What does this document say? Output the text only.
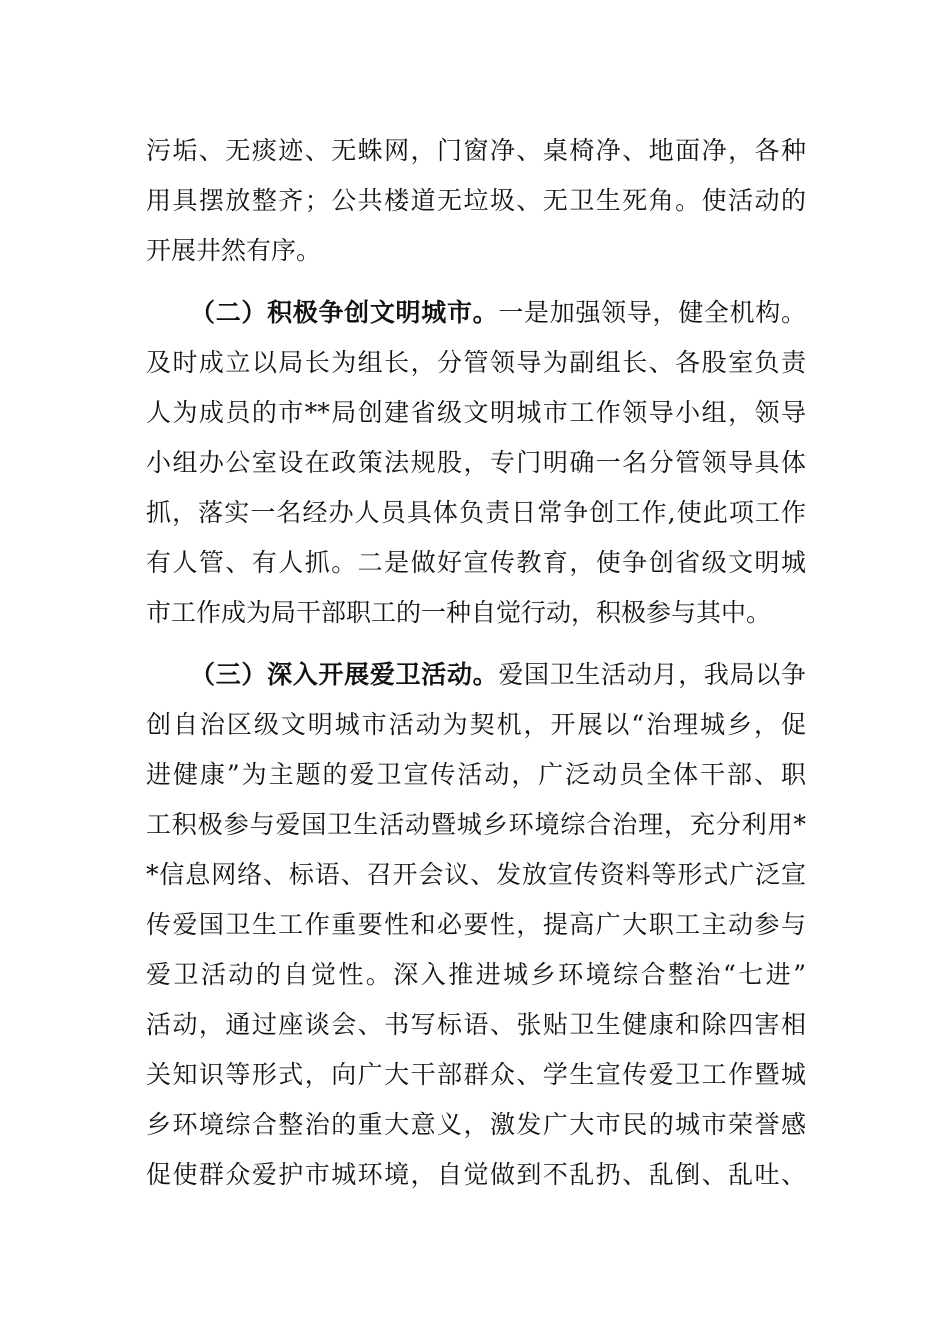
污垢、无痰迹、无蛛网，门窗净、桌椅净、地面净，各种
用具摆放整齐；公共楼道无垃圾、无卫生死角。使活动的
开展井然有序。
（二）积极争创文明城市。一是加强领导，健全机构。
及时成立以局长为组长，分管领导为副组长、各股室负责
人为成员的市**局创建省级文明城市工作领导小组，领导
小组办公室设在政策法规股，专门明确一名分管领导具体
抓，落实一名经办人员具体负责日常争创工作,使此项工作
有人管、有人抓。二是做好宣传教育，使争创省级文明城
市工作成为局干部职工的一种自觉行动，积极参与其中。
（三）深入开展爱卫活动。爱国卫生活动月，我局以争
创自治区级文明城市活动为契机，开展以“治理城乡，促
进健康”为主题的爱卫宣传活动，广泛动员全体干部、职
工积极参与爱国卫生活动暨城乡环境综合治理，充分利用*
*信息网络、标语、召开会议、发放宣传资料等形式广泛宣
传爱国卫生工作重要性和必要性，提高广大职工主动参与
爱卫活动的自觉性。深入推进城乡环境综合整治“七进”
活动，通过座谈会、书写标语、张贴卫生健康和除四害相
关知识等形式，向广大干部群众、学生宣传爱卫工作暨城
乡环境综合整治的重大意义，激发广大市民的城市荣誉感
促使群众爱护市城环境，自觉做到不乱扔、乱倒、乱吐、
